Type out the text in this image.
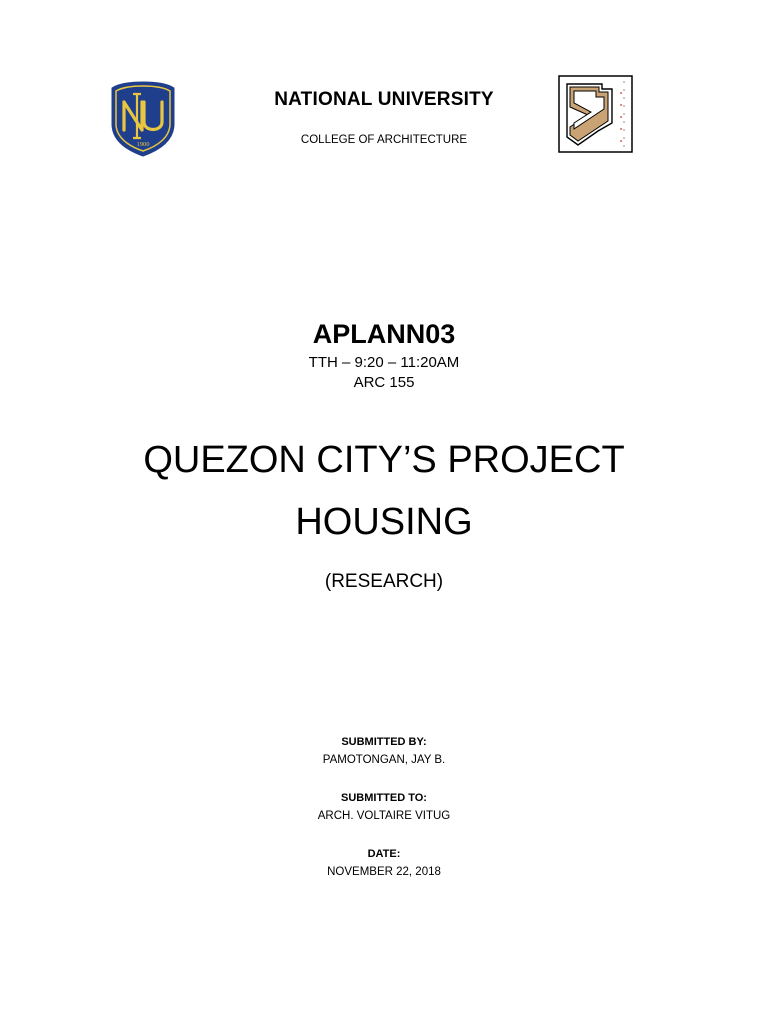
1900
NATIONAL UNIVERSITY
COLLEGE OF ARCHITECTURE
APLANN03
TTH – 9:20 – 11:20AM
ARC 155
QUEZON CITY’S PROJECT
HOUSING
(RESEARCH)
SUBMITTED BY:
PAMOTONGAN, JAY B.
SUBMITTED TO:
ARCH. VOLTAIRE VITUG
DATE:
NOVEMBER 22, 2018
